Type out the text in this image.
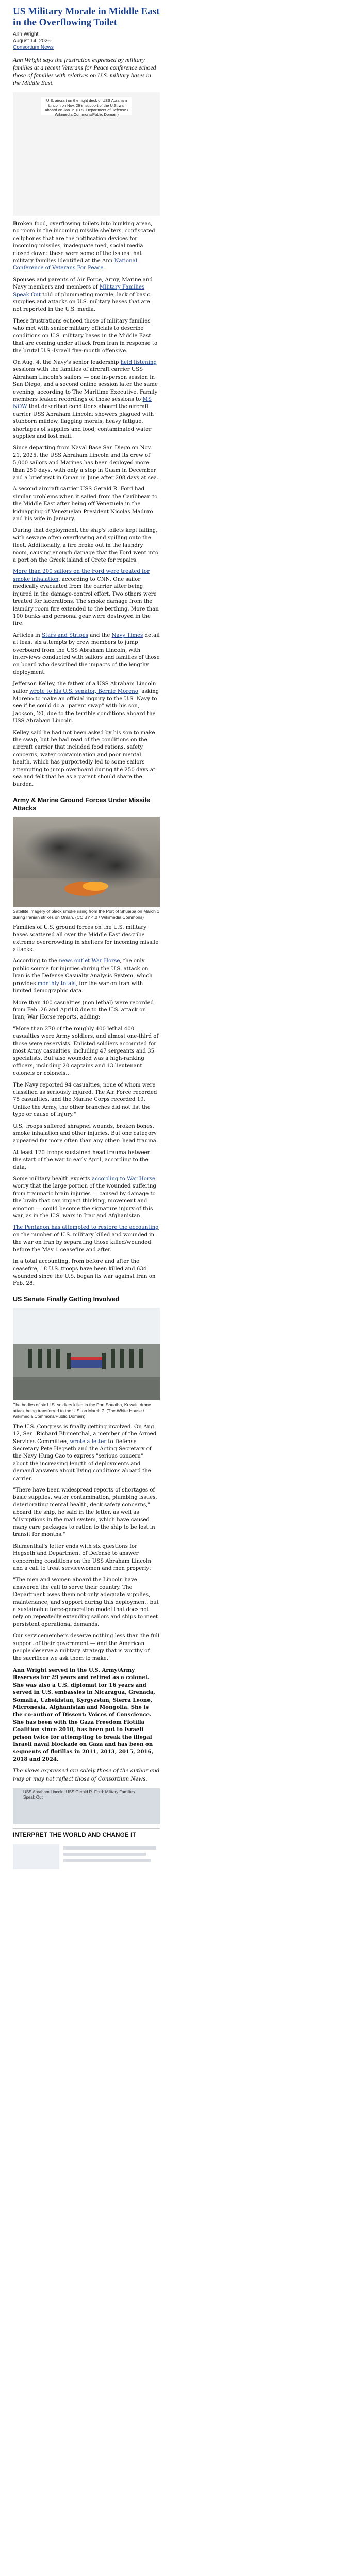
US Military Morale in Middle East in the Overflowing Toilet
Ann Wright
August 14, 2026
Consortium News
Ann Wright says the frustration expressed by military families at a recent Veterans for Peace conference echoed those of families with relatives on U.S. military bases in the Middle East.
U.S. aircraft on the flight deck of USS Abraham Lincoln on Nov. 26 in support of the U.S. war aboard on Jan. 2. (U.S. Department of Defense / Wikimedia Commons/Public Domain)

Broken food, overflowing toilets into bunking areas, no room in the incoming missile shelters, confiscated cellphones that are the notification devices for incoming missiles, inadequate med, social media closed down: these were some of the issues that military families identified at the Ann National Conference of Veterans For Peace.

Spouses and parents of Air Force, Army, Marine and Navy members and members of Military Families Speak Out told of plummeting morale, lack of basic supplies and attacks on U.S. military bases that are not reported in the U.S. media.

These frustrations echoed those of military families who met with senior military officials to describe conditions on U.S. military bases in the Middle East that are coming under attack from Iran in response to the brutal U.S.-Israeli five-month offensive.

On Aug. 4, the Navy's senior leadership held listening sessions with the families of aircraft carrier USS Abraham Lincoln's sailors — one in-person session in San Diego, and a second online session later the same evening, according to The Maritime Executive. Family members leaked recordings of those sessions to MS NOW that described conditions aboard the aircraft carrier USS Abraham Lincoln: showers plagued with stubborn mildew, flagging morals, heavy fatigue, shortages of supplies and food, contaminated water supplies and lost mail.

Since departing from Naval Base San Diego on Nov. 21, 2025, the USS Abraham Lincoln and its crew of 5,000 sailors and Marines has been deployed more than 250 days, with only a stop in Guam in December and a brief visit in Oman in June after 208 days at sea.

A second aircraft carrier USS Gerald R. Ford had similar problems when it sailed from the Caribbean to the Middle East after being off Venezuela in the kidnapping of Venezuelan President Nicolas Maduro and his wife in January.

During that deployment, the ship's toilets kept failing, with sewage often overflowing and spilling onto the fleet. Additionally, a fire broke out in the laundry room, causing enough damage that the Ford went into a port on the Greek island of Crete for repairs.

More than 200 sailors on the Ford were treated for smoke inhalation, according to CNN. One sailor medically evacuated from the carrier after being injured in the damage-control effort. Two others were treated for lacerations. The smoke damage from the laundry room fire extended to the berthing. More than 100 bunks and personal gear were destroyed in the fire.

Articles in Stars and Stripes and the Navy Times detail at least six attempts by crew members to jump overboard from the USS Abraham Lincoln, with interviews conducted with sailors and families of those on board who described the impacts of the lengthy deployment.

Jefferson Kelley, the father of a USS Abraham Lincoln sailor wrote to his U.S. senator, Bernie Moreno, asking Moreno to make an official inquiry to the U.S. Navy to see if he could do a "parent swap" with his son, Jackson, 20, due to the terrible conditions aboard the USS Abraham Lincoln.

Kelley said he had not been asked by his son to make the swap, but he had read of the conditions on the aircraft carrier that included food rations, safety concerns, water contamination and poor mental health, which has purportedly led to some sailors attempting to jump overboard during the 250 days at sea and felt that he as a parent should share the burden.

Army & Marine Ground Forces Under Missile Attacks
Satellite imagery of black smoke rising from the Port of Shuaiba on March 1 during Iranian strikes on Oman. (CC BY 4.0 / Wikimedia Commons)

Families of U.S. ground forces on the U.S. military bases scattered all over the Middle East describe extreme overcrowding in shelters for incoming missile attacks.

According to the news outlet War Horse, the only public source for injuries during the U.S. attack on Iran is the Defense Casualty Analysis System, which provides monthly totals, for the war on Iran with limited demographic data.

More than 400 casualties (non lethal) were recorded from Feb. 26 and April 8 due to the U.S. attack on Iran, War Horse reports, adding:

"More than 270 of the roughly 400 lethal 400 casualties were Army soldiers, and almost one-third of those were reservists. Enlisted soldiers accounted for most Army casualties, including 47 sergeants and 35 specialists. But also wounded was a high-ranking officers, including 20 captains and 13 lieutenant colonels or colonels…

The Navy reported 94 casualties, none of whom were classified as seriously injured. The Air Force recorded 75 casualties, and the Marine Corps recorded 19. Unlike the Army, the other branches did not list the type or cause of injury."

U.S. troops suffered shrapnel wounds, broken bones, smoke inhalation and other injuries. But one category appeared far more often than any other: head trauma.

At least 170 troops sustained head trauma between the start of the war to early April, according to the data.

Some military health experts according to War Horse, worry that the large portion of the wounded suffering from traumatic brain injuries — caused by damage to the brain that can impact thinking, movement and emotion — could become the signature injury of this war, as in the U.S. wars in Iraq and Afghanistan.

The Pentagon has attempted to restore the accounting on the number of U.S. military killed and wounded in the war on Iran by separating those killed/wounded before the May 1 ceasefire and after.

In a total accounting, from before and after the ceasefire, 18 U.S. troops have been killed and 634 wounded since the U.S. began its war against Iran on Feb. 28.

US Senate Finally Getting Involved
The bodies of six U.S. soldiers killed in the Port Shuaiba, Kuwait, drone attack being transferred to the U.S. on March 7. (The White House / Wikimedia Commons/Public Domain)

The U.S. Congress is finally getting involved. On Aug. 12, Sen. Richard Blumenthal, a member of the Armed Services Committee, wrote a letter to Defense Secretary Pete Hegseth and the Acting Secretary of the Navy Hung Cao to express "serious concern" about the increasing length of deployments and demand answers about living conditions aboard the carrier.

"There have been widespread reports of shortages of basic supplies, water contamination, plumbing issues, deteriorating mental health, deck safety concerns," aboard the ship, he said in the letter, as well as "disruptions in the mail system, which have caused many care packages to ration to the ship to be lost in transit for months."

Blumenthal's letter ends with six questions for Hegseth and Department of Defense to answer concerning conditions on the USS Abraham Lincoln and a call to treat servicewomen and men properly:

"The men and women aboard the Lincoln have answered the call to serve their country. The Department owes them not only adequate supplies, maintenance, and support during this deployment, but a sustainable force-generation model that does not rely on repeatedly extending sailors and ships to meet persistent operational demands.

Our servicemembers deserve nothing less than the full support of their government — and the American people deserve a military strategy that is worthy of the sacrifices we ask them to make."

Ann Wright served in the U.S. Army/Army Reserves for 29 years and retired as a colonel. She was also a U.S. diplomat for 16 years and served in U.S. embassies in Nicaragua, Grenada, Somalia, Uzbekistan, Kyrgyzstan, Sierra Leone, Micronesia, Afghanistan and Mongolia. She is the co-author of Dissent: Voices of Conscience. She has been with the Gaza Freedom Flotilla Coalition since 2010, has been put to Israeli prison twice for attempting to break the illegal Israeli naval blockade on Gaza and has been on segments of flotillas in 2011, 2013, 2015, 2016, 2018 and 2024.
The views expressed are solely those of the author and may or may not reflect those of Consortium News.
USS Abraham Lincoln, USS Gerald R. Ford: Military Families Speak Out
INTERPRET THE WORLD AND CHANGE IT
